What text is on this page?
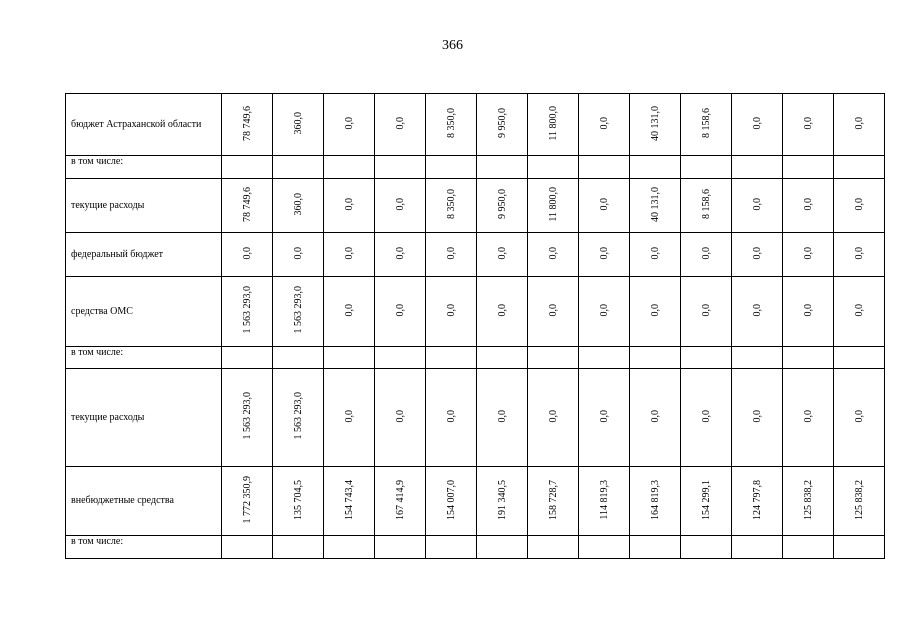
366
бюджет Астраханской области	78 749,6	360,0	0,0	0,0	8 350,0	9 950,0	11 800,0	0,0	40 131,0	8 158,6	0,0	0,0	0,0
в том числе:													
текущие расходы	78 749,6	360,0	0,0	0,0	8 350,0	9 950,0	11 800,0	0,0	40 131,0	8 158,6	0,0	0,0	0,0
федеральный бюджет	0,0	0,0	0,0	0,0	0,0	0,0	0,0	0,0	0,0	0,0	0,0	0,0	0,0
средства ОМС	1 563 293,0	1 563 293,0	0,0	0,0	0,0	0,0	0,0	0,0	0,0	0,0	0,0	0,0	0,0
в том числе:													
текущие расходы	1 563 293,0	1 563 293,0	0,0	0,0	0,0	0,0	0,0	0,0	0,0	0,0	0,0	0,0	0,0
внебюджетные средства	1 772 350,9	135 704,5	154 743,4	167 414,9	154 007,0	191 340,5	158 728,7	114 819,3	164 819,3	154 299,1	124 797,8	125 838,2	125 838,2
в том числе:													
